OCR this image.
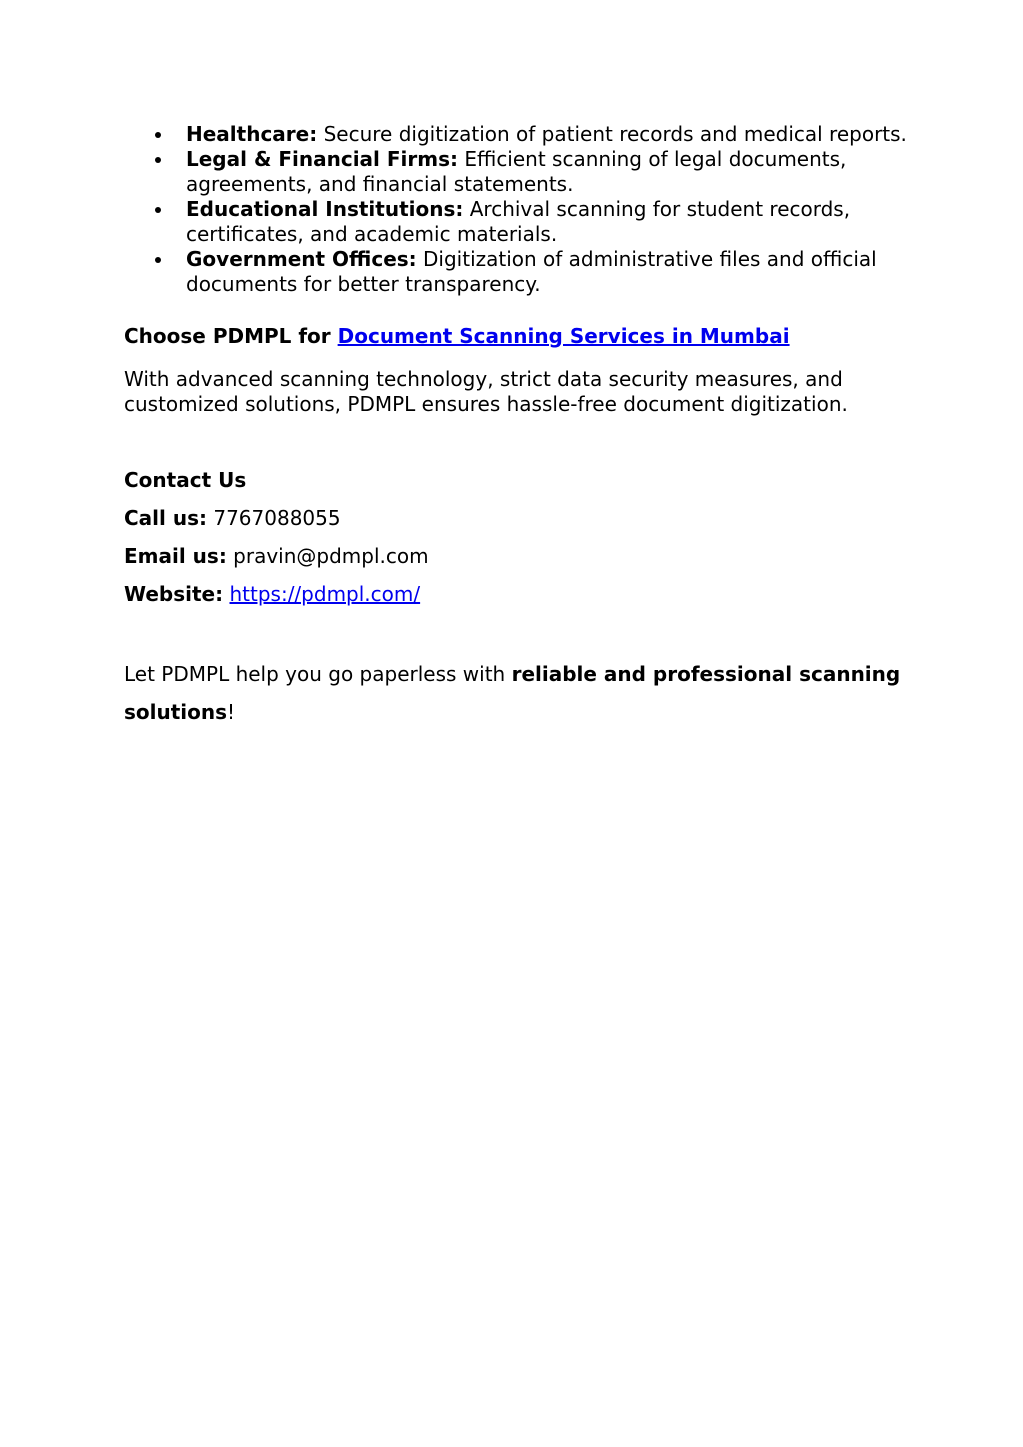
Healthcare: Secure digitization of patient records and medical reports.
Legal & Financial Firms: Efficient scanning of legal documents, agreements, and financial statements.
Educational Institutions: Archival scanning for student records, certificates, and academic materials.
Government Offices: Digitization of administrative files and official documents for better transparency.
Choose PDMPL for Document Scanning Services in Mumbai
With advanced scanning technology, strict data security measures, and customized solutions, PDMPL ensures hassle-free document digitization.
Contact Us
Call us: 7767088055
Email us: pravin@pdmpl.com
Website: https://pdmpl.com/
Let PDMPL help you go paperless with reliable and professional scanning solutions!
